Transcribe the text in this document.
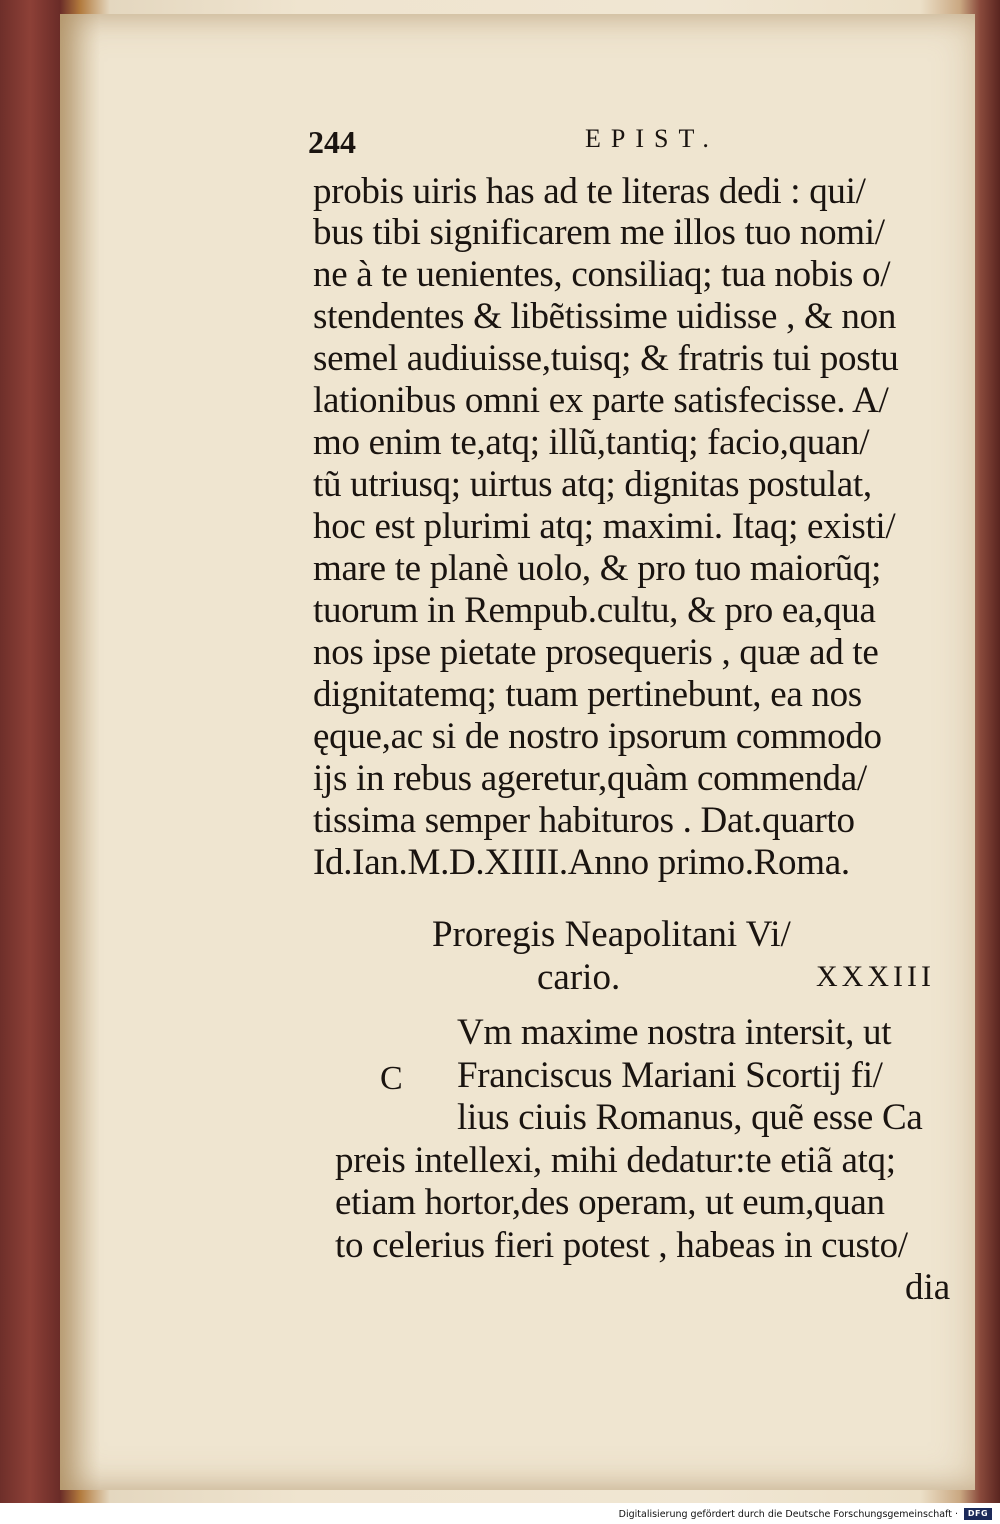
244	EPIST.
probis uiris has ad te literas dedi : qui/
bus tibi significarem me illos tuo nomi/
ne à te uenientes, consiliaq; tua nobis o/
stendentes & libẽtissime uidisse , & non
semel audiuisse,tuisq; & fratris tui postu
lationibus omni ex parte satisfecisse. A/
mo enim te,atq; illũ,tantiq; facio,quan/
tũ utriusq; uirtus atq; dignitas postulat,
hoc est plurimi atq; maximi. Itaq; existi/
mare te planè uolo, & pro tuo maiorũq;
tuorum in Rempub.cultu, & pro ea,qua
nos ipse pietate prosequeris , quæ ad te
dignitatemq; tuam pertinebunt, ea nos
ęque,ac si de nostro ipsorum commodo
ijs in rebus ageretur,quàm commenda/
tissima semper habituros . Dat.quarto
Id.Ian.M.D.XIIII.Anno primo.Roma.
Proregis Neapolitani Vi/
cario.	XXXIII
C
Vm maxime nostra intersit, ut
Franciscus Mariani Scortij fi/
lius ciuis Romanus, quẽ esse Ca
preis intellexi, mihi dedatur:te etiã atq;
etiam hortor,des operam, ut eum,quan
to celerius fieri potest , habeas in custo/
dia
Digitalisierung gefördert durch die Deutsche Forschungsgemeinschaft ·	DFG
